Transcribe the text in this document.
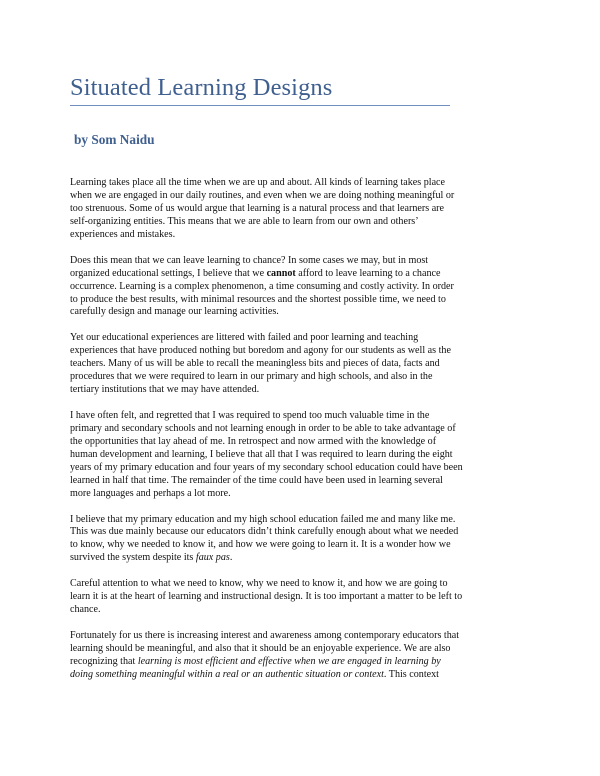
Situated Learning Designs
by Som Naidu
Learning takes place all the time when we are up and about. All kinds of learning takes place
when we are engaged in our daily routines, and even when we are doing nothing meaningful or
too strenuous. Some of us would argue that learning is a natural process and that learners are
self-organizing entities. This means that we are able to learn from our own and others’
experiences and mistakes.
Does this mean that we can leave learning to chance? In some cases we may, but in most
organized educational settings, I believe that we cannot afford to leave learning to a chance
occurrence. Learning is a complex phenomenon, a time consuming and costly activity. In order
to produce the best results, with minimal resources and the shortest possible time, we need to
carefully design and manage our learning activities.
Yet our educational experiences are littered with failed and poor learning and teaching
experiences that have produced nothing but boredom and agony for our students as well as the
teachers. Many of us will be able to recall the meaningless bits and pieces of data, facts and
procedures that we were required to learn in our primary and high schools, and also in the
tertiary institutions that we may have attended.
I have often felt, and regretted that I was required to spend too much valuable time in the
primary and secondary schools and not learning enough in order to be able to take advantage of
the opportunities that lay ahead of me. In retrospect and now armed with the knowledge of
human development and learning, I believe that all that I was required to learn during the eight
years of my primary education and four years of my secondary school education could have been
learned in half that time. The remainder of the time could have been used in learning several
more languages and perhaps a lot more.
I believe that my primary education and my high school education failed me and many like me.
This was due mainly because our educators didn’t think carefully enough about what we needed
to know, why we needed to know it, and how we were going to learn it. It is a wonder how we
survived the system despite its faux pas.
Careful attention to what we need to know, why we need to know it, and how we are going to
learn it is at the heart of learning and instructional design. It is too important a matter to be left to
chance.
Fortunately for us there is increasing interest and awareness among contemporary educators that
learning should be meaningful, and also that it should be an enjoyable experience. We are also
recognizing that learning is most efficient and effective when we are engaged in learning by
doing something meaningful within a real or an authentic situation or context. This context
